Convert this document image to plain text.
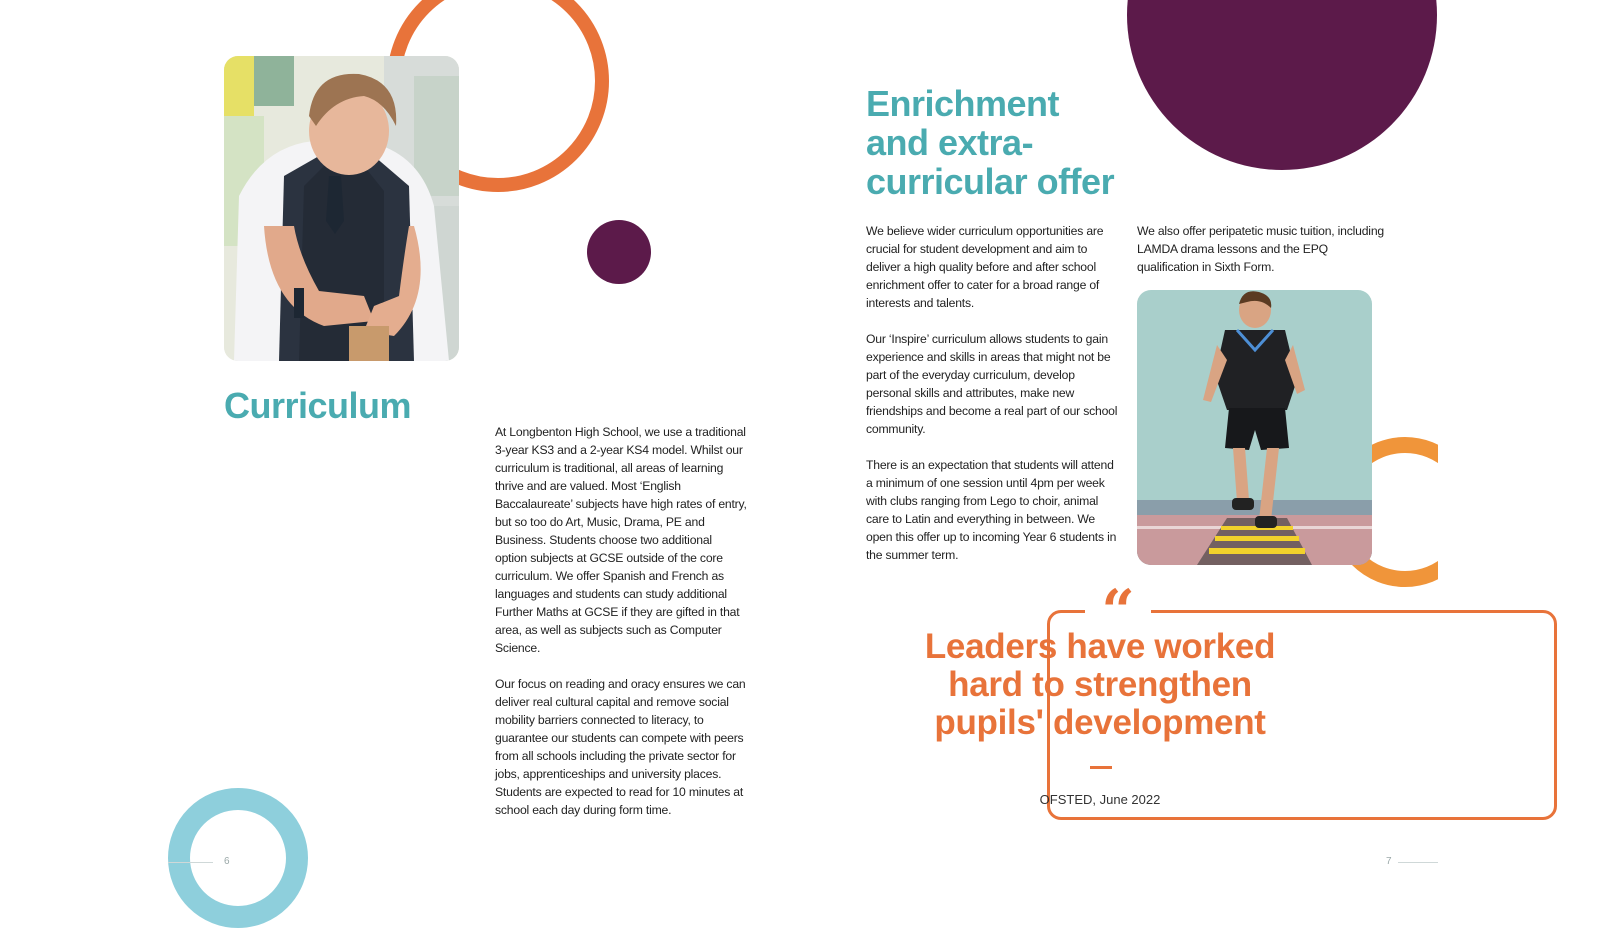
Curriculum

At Longbenton High School, we use a traditional 3-year KS3 and a 2-year KS4 model. Whilst our curriculum is traditional, all areas of learning thrive and are valued. Most ‘English Baccalaureate’ subjects have high rates of entry, but so too do Art, Music, Drama, PE and Business. Students choose two additional option subjects at GCSE outside of the core curriculum. We offer Spanish and French as languages and students can study additional Further Maths at GCSE if they are gifted in that area, as well as subjects such as Computer Science.

Our focus on reading and oracy ensures we can deliver real cultural capital and remove social mobility barriers connected to literacy, to guarantee our students can compete with peers from all schools including the private sector for jobs, apprenticeships and university places. Students are expected to read for 10 minutes at school each day during form time.

6
Enrichment
and extra-
curricular offer

We believe wider curriculum opportunities are crucial for student development and aim to deliver a high quality before and after school enrichment offer to cater for a broad range of interests and talents.

Our ‘Inspire’ curriculum allows students to gain experience and skills in areas that might not be part of the everyday curriculum, develop personal skills and attributes, make new friendships and become a real part of our school community.

There is an expectation that students will attend a minimum of one session until 4pm per week with clubs ranging from Lego to choir, animal care to Latin and everything in between. We open this offer up to incoming Year 6 students in the summer term.

We also offer peripatetic music tuition, including LAMDA drama lessons and the EPQ qualification in Sixth Form.

“
Leaders have worked
hard to strengthen
pupils' development
OFSTED, June 2022
7
